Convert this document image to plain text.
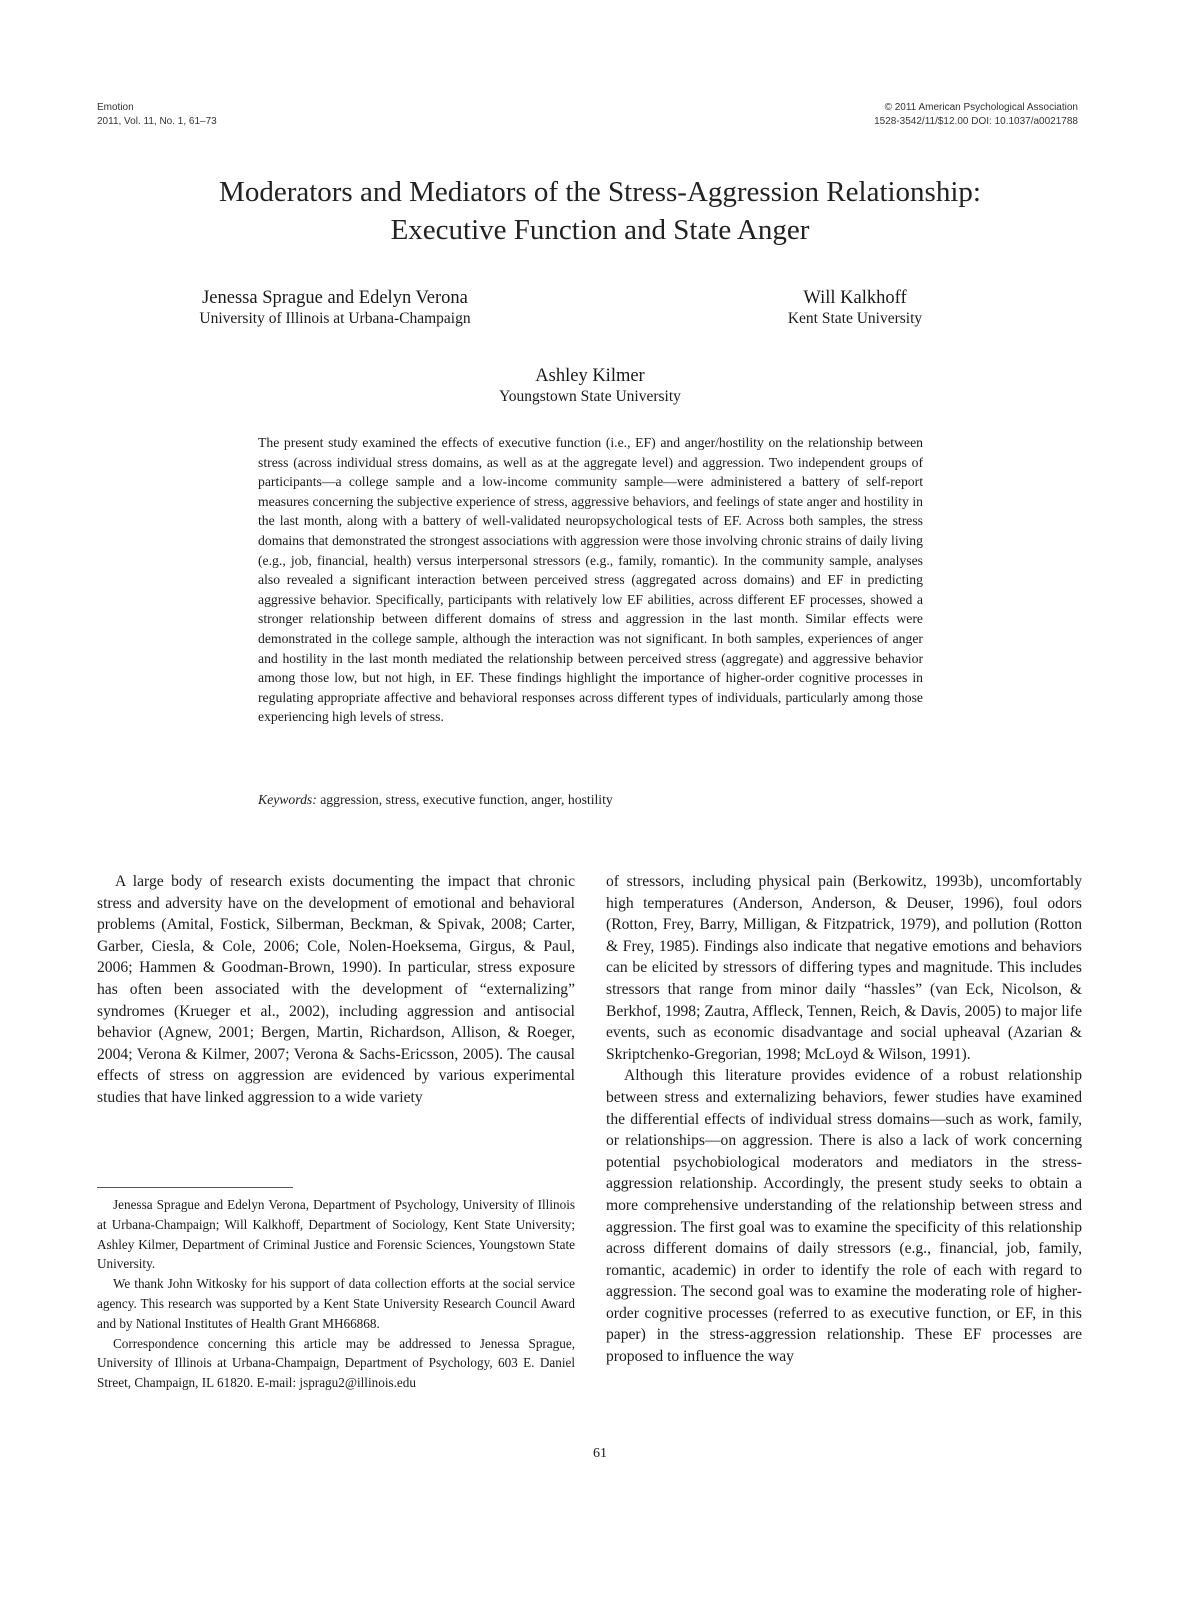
Emotion
2011, Vol. 11, No. 1, 61–73
© 2011 American Psychological Association
1528-3542/11/$12.00 DOI: 10.1037/a0021788
Moderators and Mediators of the Stress-Aggression Relationship:
Executive Function and State Anger
Jenessa Sprague and Edelyn Verona
University of Illinois at Urbana-Champaign
Will Kalkhoff
Kent State University
Ashley Kilmer
Youngstown State University

The present study examined the effects of executive function (i.e., EF) and anger/hostility on the relationship between stress (across individual stress domains, as well as at the aggregate level) and aggression. Two independent groups of participants—a college sample and a low-income community sample—were administered a battery of self-report measures concerning the subjective experience of stress, aggressive behaviors, and feelings of state anger and hostility in the last month, along with a battery of well-validated neuropsychological tests of EF. Across both samples, the stress domains that demonstrated the strongest associations with aggression were those involving chronic strains of daily living (e.g., job, financial, health) versus interpersonal stressors (e.g., family, romantic). In the community sample, analyses also revealed a significant interaction between perceived stress (aggregated across domains) and EF in predicting aggressive behavior. Specifically, participants with relatively low EF abilities, across different EF processes, showed a stronger relationship between different domains of stress and aggression in the last month. Similar effects were demonstrated in the college sample, although the interaction was not significant. In both samples, experiences of anger and hostility in the last month mediated the relationship between perceived stress (aggregate) and aggressive behavior among those low, but not high, in EF. These findings highlight the importance of higher-order cognitive processes in regulating appropriate affective and behavioral responses across different types of individuals, particularly among those experiencing high levels of stress.

Keywords: aggression, stress, executive function, anger, hostility

A large body of research exists documenting the impact that chronic stress and adversity have on the development of emotional and behavioral problems (Amital, Fostick, Silberman, Beckman, & Spivak, 2008; Carter, Garber, Ciesla, & Cole, 2006; Cole, Nolen-Hoeksema, Girgus, & Paul, 2006; Hammen & Goodman-Brown, 1990). In particular, stress exposure has often been associated with the development of “externalizing” syndromes (Krueger et al., 2002), including aggression and antisocial behavior (Agnew, 2001; Bergen, Martin, Richardson, Allison, & Roeger, 2004; Verona & Kilmer, 2007; Verona & Sachs-Ericsson, 2005). The causal effects of stress on aggression are evidenced by various experimental studies that have linked aggression to a wide variety

Jenessa Sprague and Edelyn Verona, Department of Psychology, University of Illinois at Urbana-Champaign; Will Kalkhoff, Department of Sociology, Kent State University; Ashley Kilmer, Department of Criminal Justice and Forensic Sciences, Youngstown State University.

We thank John Witkosky for his support of data collection efforts at the social service agency. This research was supported by a Kent State University Research Council Award and by National Institutes of Health Grant MH66868.

Correspondence concerning this article may be addressed to Jenessa Sprague, University of Illinois at Urbana-Champaign, Department of Psychology, 603 E. Daniel Street, Champaign, IL 61820. E-mail: jspragu2@illinois.edu

of stressors, including physical pain (Berkowitz, 1993b), uncomfortably high temperatures (Anderson, Anderson, & Deuser, 1996), foul odors (Rotton, Frey, Barry, Milligan, & Fitzpatrick, 1979), and pollution (Rotton & Frey, 1985). Findings also indicate that negative emotions and behaviors can be elicited by stressors of differing types and magnitude. This includes stressors that range from minor daily “hassles” (van Eck, Nicolson, & Berkhof, 1998; Zautra, Affleck, Tennen, Reich, & Davis, 2005) to major life events, such as economic disadvantage and social upheaval (Azarian & Skriptchenko-Gregorian, 1998; McLoyd & Wilson, 1991).

Although this literature provides evidence of a robust relationship between stress and externalizing behaviors, fewer studies have examined the differential effects of individual stress domains—such as work, family, or relationships—on aggression. There is also a lack of work concerning potential psychobiological moderators and mediators in the stress-aggression relationship. Accordingly, the present study seeks to obtain a more comprehensive understanding of the relationship between stress and aggression. The first goal was to examine the specificity of this relationship across different domains of daily stressors (e.g., financial, job, family, romantic, academic) in order to identify the role of each with regard to aggression. The second goal was to examine the moderating role of higher-order cognitive processes (referred to as executive function, or EF, in this paper) in the stress-aggression relationship. These EF processes are proposed to influence the way

61
